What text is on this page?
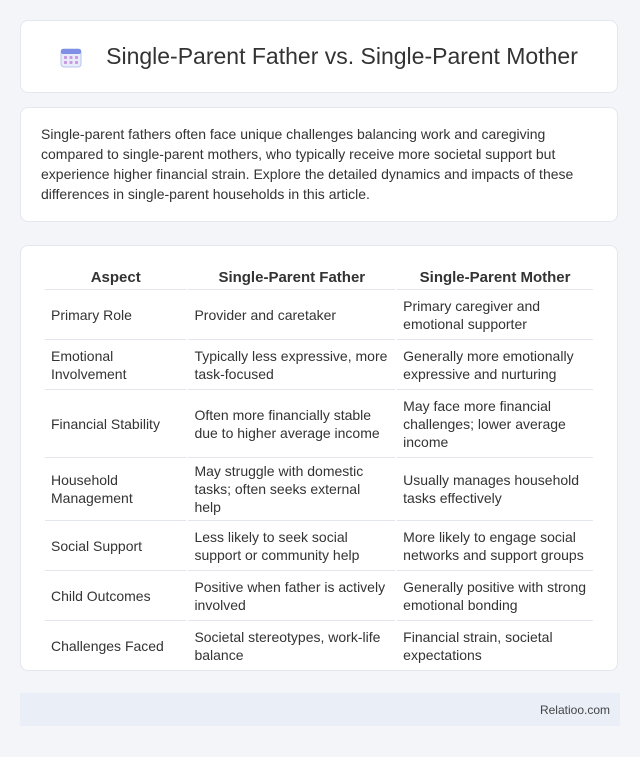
Single-Parent Father vs. Single-Parent Mother

Single-parent fathers often face unique challenges balancing work and caregiving compared to single-parent mothers, who typically receive more societal support but experience higher financial strain. Explore the detailed dynamics and impacts of these differences in single-parent households in this article.

Aspect	Single-Parent Father	Single-Parent Mother
Primary Role	Provider and caretaker	Primary caregiver and emotional supporter
Emotional Involvement	Typically less expressive, more task-focused	Generally more emotionally expressive and nurturing
Financial Stability	Often more financially stable due to higher average income	May face more financial challenges; lower average income
Household Management	May struggle with domestic tasks; often seeks external help	Usually manages household tasks effectively
Social Support	Less likely to seek social support or community help	More likely to engage social networks and support groups
Child Outcomes	Positive when father is actively involved	Generally positive with strong emotional bonding
Challenges Faced	Societal stereotypes, work-life balance	Financial strain, societal expectations
Relatioo.com
